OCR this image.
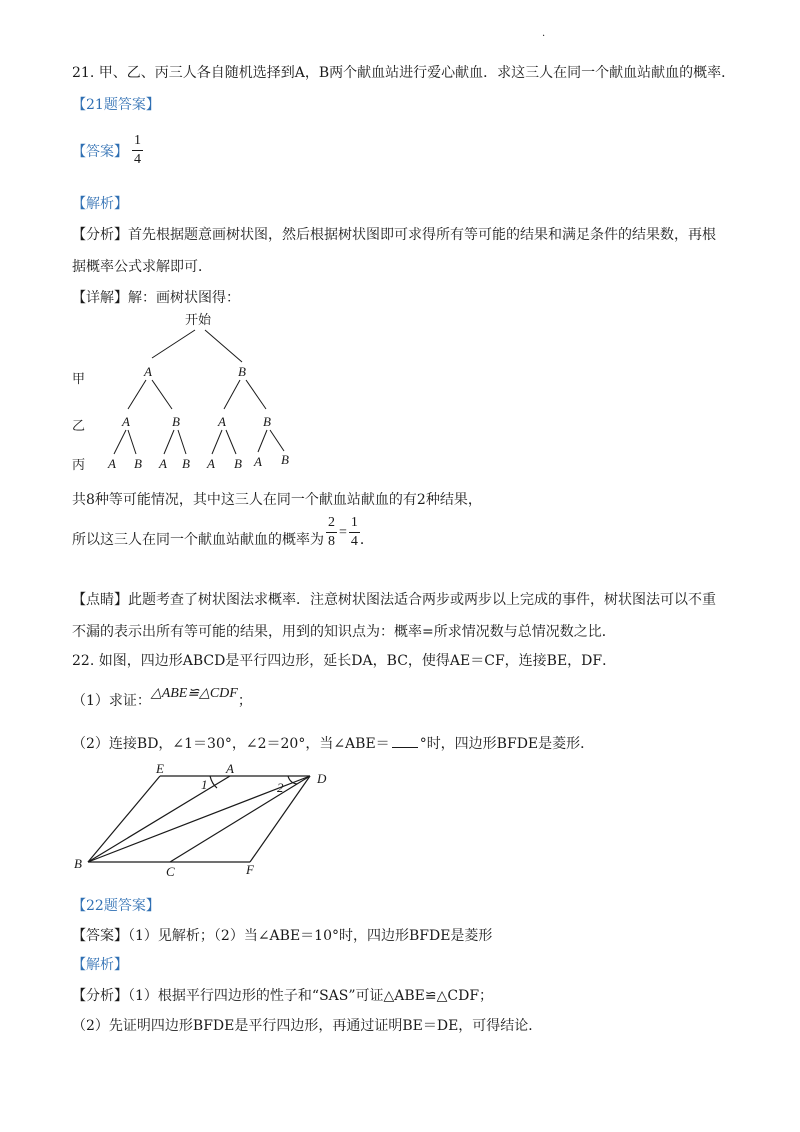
.
21. 甲、乙、丙三人各自随机选择到A，B两个献血站进行爱心献血．求这三人在同一个献血站献血的概率．
【21题答案】
【答案】 $\frac{1}{4}$
【解析】
【分析】首先根据题意画树状图，然后根据树状图即可求得所有等可能的结果和满足条件的结果数，再根
据概率公式求解即可．
【详解】解：画树状图得：
开始
甲
乙
丙
A	B
A	B	A	B
A B A B A B A B
共8种等可能情况，其中这三人在同一个献血站献血的有2种结果，
所以这三人在同一个献血站献血的概率为 $\frac{2}{8} = \frac{1}{4}$ ．
【点睛】此题考查了树状图法求概率．注意树状图法适合两步或两步以上完成的事件，树状图法可以不重
不漏的表示出所有等可能的结果，用到的知识点为：概率=所求情况数与总情况数之比．
22. 如图，四边形ABCD是平行四边形，延长DA，BC，使得AE＝CF，连接BE，DF．
（1）求证：△ABE≌△CDF；
（2）连接BD，∠1＝30°，∠2＝20°，当∠ABE＝ °时，四边形BFDE是菱形．
E	A
D
B
C	F
1	2
【22题答案】
【答案】（1）见解析；（2）当∠ABE＝10°时，四边形BFDE是菱形
【解析】
【分析】（1）根据平行四边形的性子和“SAS”可证△ABE≌△CDF；
（2）先证明四边形BFDE是平行四边形，再通过证明BE＝DE，可得结论．
